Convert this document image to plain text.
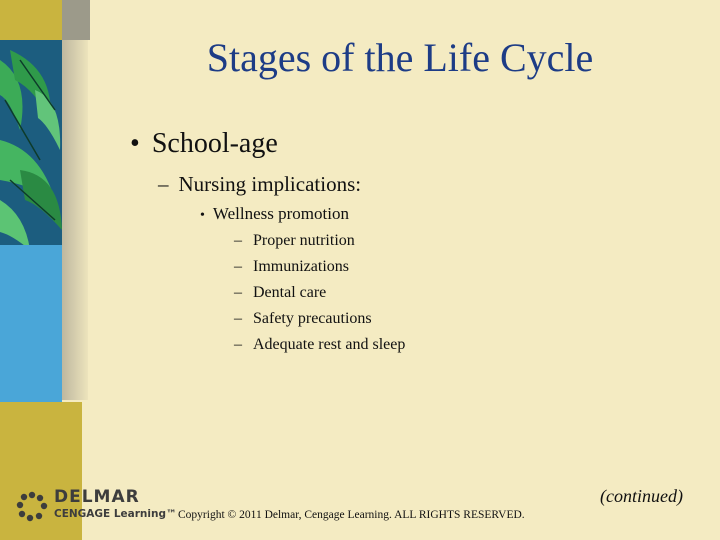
Stages of the Life Cycle
• School-age
– Nursing implications:
• Wellness promotion
– Proper nutrition
– Immunizations
– Dental care
– Safety precautions
– Adequate rest and sleep
(continued)
Copyright © 2011 Delmar, Cengage Learning. ALL RIGHTS RESERVED.
DELMAR
CENGAGE Learning™
